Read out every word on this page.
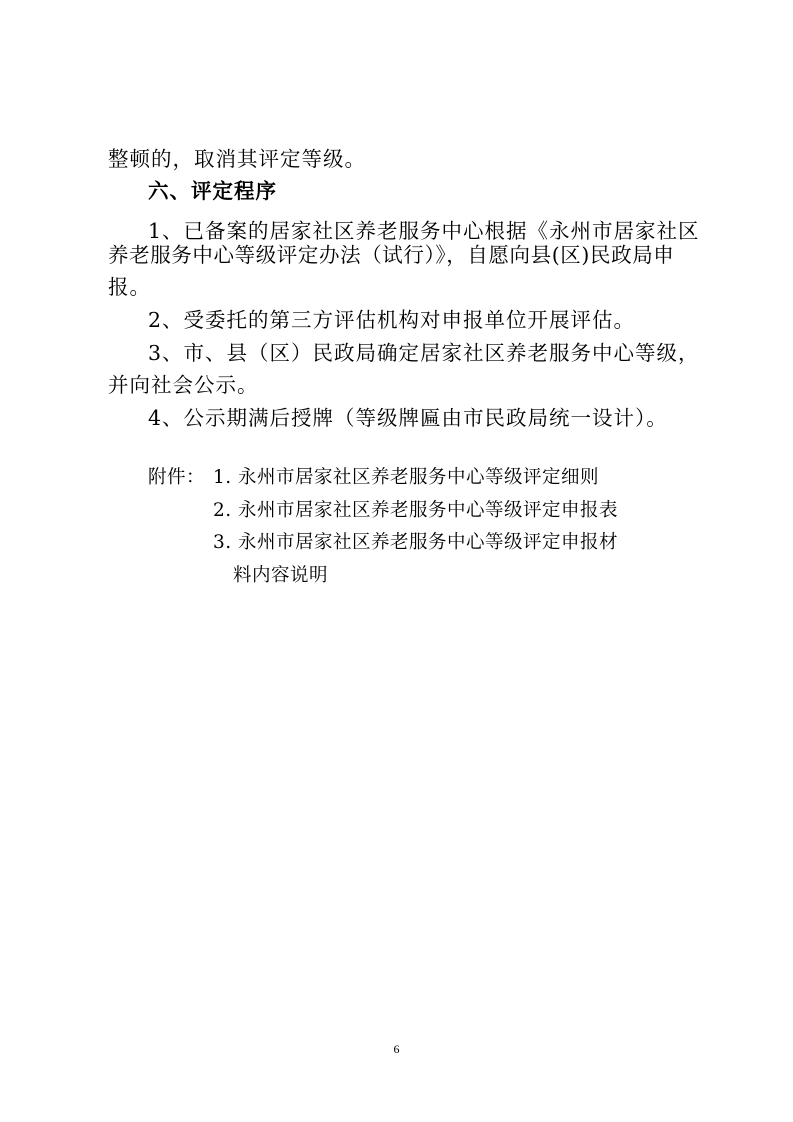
整顿的，取消其评定等级。
六、评定程序
1、已备案的居家社区养老服务中心根据《永州市居家社区
养老服务中心等级评定办法（试行）》，自愿向县(区)民政局申
报。
2、受委托的第三方评估机构对申报单位开展评估。
3、市、县（区）民政局确定居家社区养老服务中心等级，
并向社会公示。
4、公示期满后授牌（等级牌匾由市民政局统一设计）。
附件： 1. 永州市居家社区养老服务中心等级评定细则
2. 永州市居家社区养老服务中心等级评定申报表
3. 永州市居家社区养老服务中心等级评定申报材
料内容说明
6
